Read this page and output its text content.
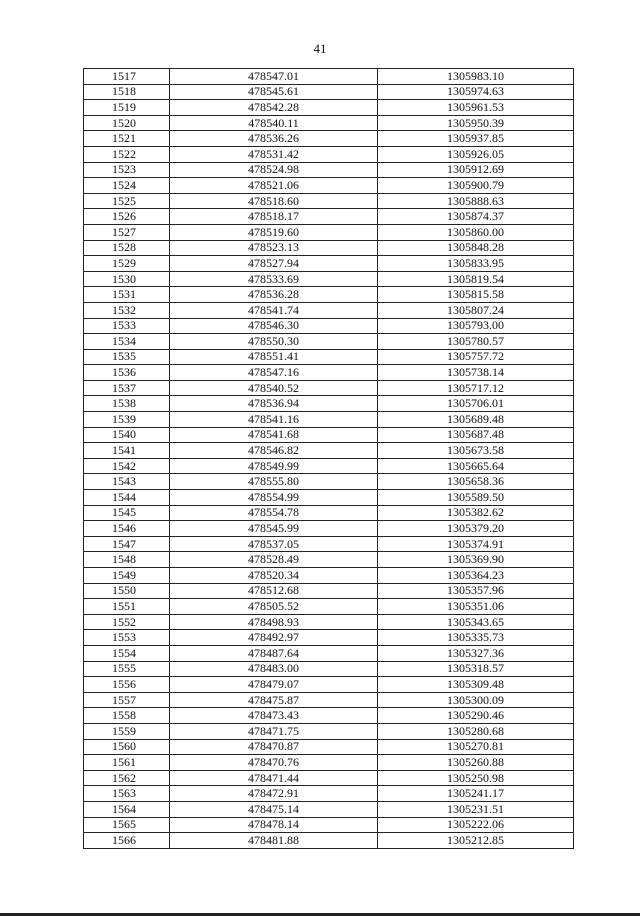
41
1517	478547.01	1305983.10
1518	478545.61	1305974.63
1519	478542.28	1305961.53
1520	478540.11	1305950.39
1521	478536.26	1305937.85
1522	478531.42	1305926.05
1523	478524.98	1305912.69
1524	478521.06	1305900.79
1525	478518.60	1305888.63
1526	478518.17	1305874.37
1527	478519.60	1305860.00
1528	478523.13	1305848.28
1529	478527.94	1305833.95
1530	478533.69	1305819.54
1531	478536.28	1305815.58
1532	478541.74	1305807.24
1533	478546.30	1305793.00
1534	478550.30	1305780.57
1535	478551.41	1305757.72
1536	478547.16	1305738.14
1537	478540.52	1305717.12
1538	478536.94	1305706.01
1539	478541.16	1305689.48
1540	478541.68	1305687.48
1541	478546.82	1305673.58
1542	478549.99	1305665.64
1543	478555.80	1305658.36
1544	478554.99	1305589.50
1545	478554.78	1305382.62
1546	478545.99	1305379.20
1547	478537.05	1305374.91
1548	478528.49	1305369.90
1549	478520.34	1305364.23
1550	478512.68	1305357.96
1551	478505.52	1305351.06
1552	478498.93	1305343.65
1553	478492.97	1305335.73
1554	478487.64	1305327.36
1555	478483.00	1305318.57
1556	478479.07	1305309.48
1557	478475.87	1305300.09
1558	478473.43	1305290.46
1559	478471.75	1305280.68
1560	478470.87	1305270.81
1561	478470.76	1305260.88
1562	478471.44	1305250.98
1563	478472.91	1305241.17
1564	478475.14	1305231.51
1565	478478.14	1305222.06
1566	478481.88	1305212.85
